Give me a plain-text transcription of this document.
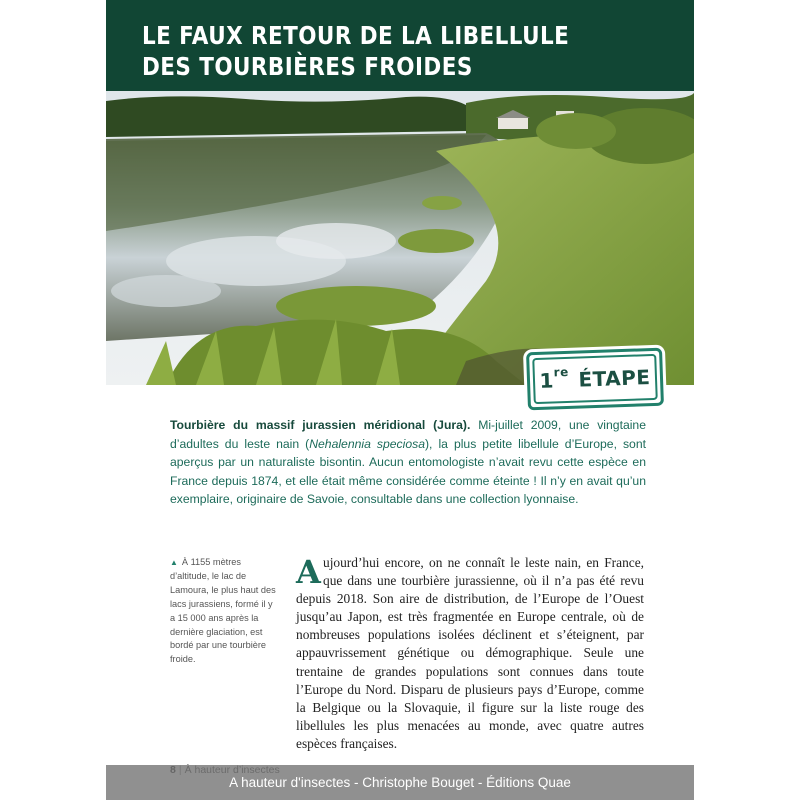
LE FAUX RETOUR DE LA LIBELLULE
DES TOURBIÈRES FROIDES
1re
ÉTAPE

Tourbière du massif jurassien méridional (Jura). Mi-juillet 2009, une vingtaine d’adultes du leste nain (Nehalennia speciosa), la plus petite libellule d’Europe, sont aperçus par un naturaliste bisontin. Aucun entomologiste n’avait revu cette espèce en France depuis 1874, et elle était même considérée comme éteinte ! Il n’y en avait qu’un exemplaire, originaire de Savoie, consultable dans une collection lyonnaise.

▲ À 1155 mètres d’altitude, le lac de Lamoura, le plus haut des lacs jurassiens, formé il y a 15 000 ans après la dernière glaciation, est bordé par une tourbière froide.

Aujourd’hui encore, on ne connaît le leste nain, en France, que dans une tourbière jurassienne, où il n’a pas été revu depuis 2018. Son aire de distribution, de l’Europe de l’Ouest jusqu’au Japon, est très fragmentée en Europe centrale, où de nombreuses populations isolées déclinent et s’éteignent, par appauvrissement génétique ou démographique. Seule une trentaine de grandes populations sont connues dans toute l’Europe du Nord. Disparu de plusieurs pays d’Europe, comme la Belgique ou la Slovaquie, il figure sur la liste rouge des libellules les plus menacées au monde, avec quatre autres espèces françaises.

A hauteur d'insectes - Christophe Bouget - Éditions Quae
